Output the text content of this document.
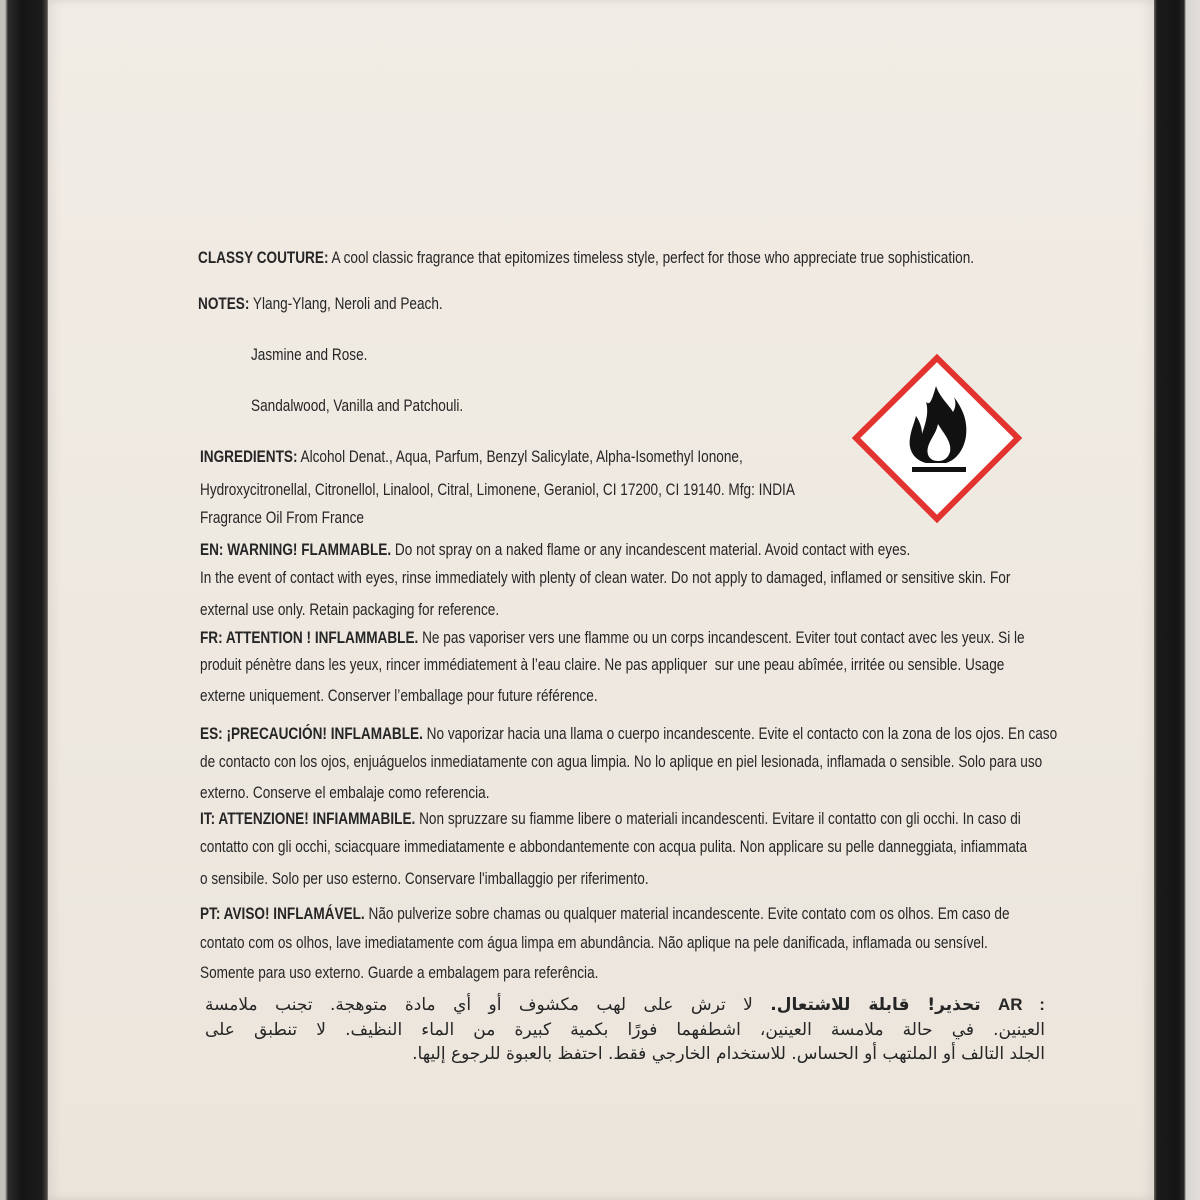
CLASSY COUTURE: A cool classic fragrance that epitomizes timeless style, perfect for those who appreciate true sophistication.
NOTES: Ylang-Ylang, Neroli and Peach.
Jasmine and Rose.
Sandalwood, Vanilla and Patchouli.
INGREDIENTS: Alcohol Denat., Aqua, Parfum, Benzyl Salicylate, Alpha-Isomethyl Ionone,
Hydroxycitronellal, Citronellol, Linalool, Citral, Limonene, Geraniol, CI 17200, CI 19140. Mfg: INDIA
Fragrance Oil From France
EN: WARNING! FLAMMABLE. Do not spray on a naked flame or any incandescent material. Avoid contact with eyes.
In the event of contact with eyes, rinse immediately with plenty of clean water. Do not apply to damaged, inflamed or sensitive skin. For
external use only. Retain packaging for reference.
FR: ATTENTION ! INFLAMMABLE. Ne pas vaporiser vers une flamme ou un corps incandescent. Eviter tout contact avec les yeux. Si le
produit pénètre dans les yeux, rincer immédiatement à l’eau claire. Ne pas appliquer  sur une peau abîmée, irritée ou sensible. Usage
externe uniquement. Conserver l’emballage pour future référence.
ES: ¡PRECAUCIÓN! INFLAMABLE. No vaporizar hacia una llama o cuerpo incandescente. Evite el contacto con la zona de los ojos. En caso
de contacto con los ojos, enjuáguelos inmediatamente con agua limpia. No lo aplique en piel lesionada, inflamada o sensible. Solo para uso
externo. Conserve el embalaje como referencia.
IT: ATTENZIONE! INFIAMMABILE. Non spruzzare su fiamme libere o materiali incandescenti. Evitare il contatto con gli occhi. In caso di
contatto con gli occhi, sciacquare immediatamente e abbondantemente con acqua pulita. Non applicare su pelle danneggiata, infiammata
o sensibile. Solo per uso esterno. Conservare l'imballaggio per riferimento.
PT: AVISO! INFLAMÁVEL. Não pulverize sobre chamas ou qualquer material incandescente. Evite contato com os olhos. Em caso de
contato com os olhos, lave imediatamente com água limpa em abundância. Não aplique na pele danificada, inflamada ou sensível.
Somente para uso externo. Guarde a embalagem para referência.
AR : تحذير! قابلة للاشتعال. لا ترش على لهب مكشوف أو أي مادة متوهجة. تجنب ملامسة
العينين. في حالة ملامسة العينين، اشطفهما فورًا بكمية كبيرة من الماء النظيف. لا تنطبق على
الجلد التالف أو الملتهب أو الحساس. للاستخدام الخارجي فقط. احتفظ بالعبوة للرجوع إليها.
